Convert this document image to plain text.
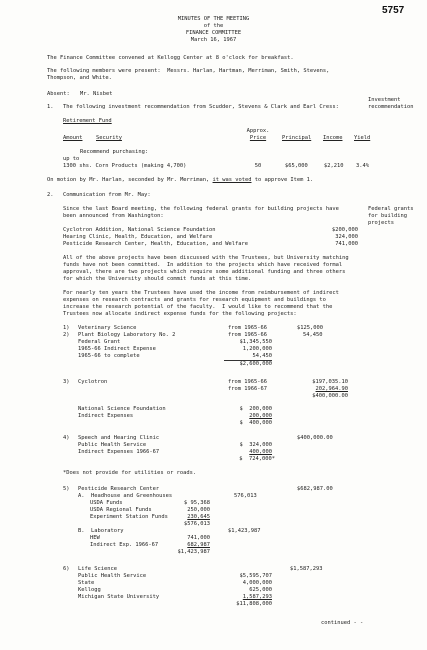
5757
MINUTES OF THE MEETING
of the
FINANCE COMMITTEE
March 16, 1967
The Finance Committee convened at Kellogg Center at 8 o'clock for breakfast.
The following members were present:  Messrs. Harlan, Hartman, Merriman, Smith, Stevens,
Thompson, and White.
Absent: Mr. Nisbet
1. The following investment recommendation from Scudder, Stevens & Clark and Earl Cress:
Retirement Fund
Approx.
Amount	Security	Price	Principal Income Yield
Recommend purchasing:
up to
1300 shs. Corn Products (making 4,700)	50	$65,000	$2,210 3.4%
On motion by Mr. Harlan, seconded by Mr. Merriman, it was voted to approve Item 1.
2. Communication from Mr. May:
Since the last Board meeting, the following federal grants for building projects have
been announced from Washington:
Cyclotron Addition, National Science Foundation	$200,000
Hearing Clinic, Health, Education, and Welfare	324,000
Pesticide Research Center, Health, Education, and Welfare	741,000
All of the above projects have been discussed with the Trustees, but University matching
funds have not been committed.  In addition to the projects which have received formal
approval, there are two projects which require some additional funding and three others
for which the University should commit funds at this time.
For nearly ten years the Trustees have used the income from reimbursement of indirect
expenses on research contracts and grants for research equipment and buildings to
increase the research potential of the faculty.  I would like to recommend that the
Trustees now allocate indirect expense funds for the following projects:
1) Veterinary Science	from 1965-66	$125,000
2) Plant Biology Laboratory No. 2	from 1965-66	54,450
Federal Grant	$1,345,550
1965-66 Indirect Expense	1,200,000
1965-66 to complete	54,450
$2,600,000
3) Cyclotron	from 1965-66	$197,035.10
from 1966-67	202,964.90
$400,000.00
National Science Foundation	$  200,000
Indirect Expenses	200,000
$  400,000
4) Speech and Hearing Clinic	$400,000.00
Public Health Service	$  324,000
Indirect Expenses 1966-67	400,000
$  724,000*
*Does not provide for utilities or roads.
5) Pesticide Research Center	$682,987.00
A.  Headhouse and Greenhouses	576,013
USDA Funds	$ 95,368
USDA Regional Funds	250,000
Experiment Station Funds	230,645
$576,013
B.  Laboratory	$1,423,987
HEW	741,000
Indirect Exp. 1966-67	682,987
$1,423,987
6) Life Science	$1,587,293
Public Health Service	$5,595,707
State	4,000,000
Kellogg	625,000
Michigan State University	1,587,293
$11,808,000
continued - -
Investment
recommendation
Federal grants
for building
projects
